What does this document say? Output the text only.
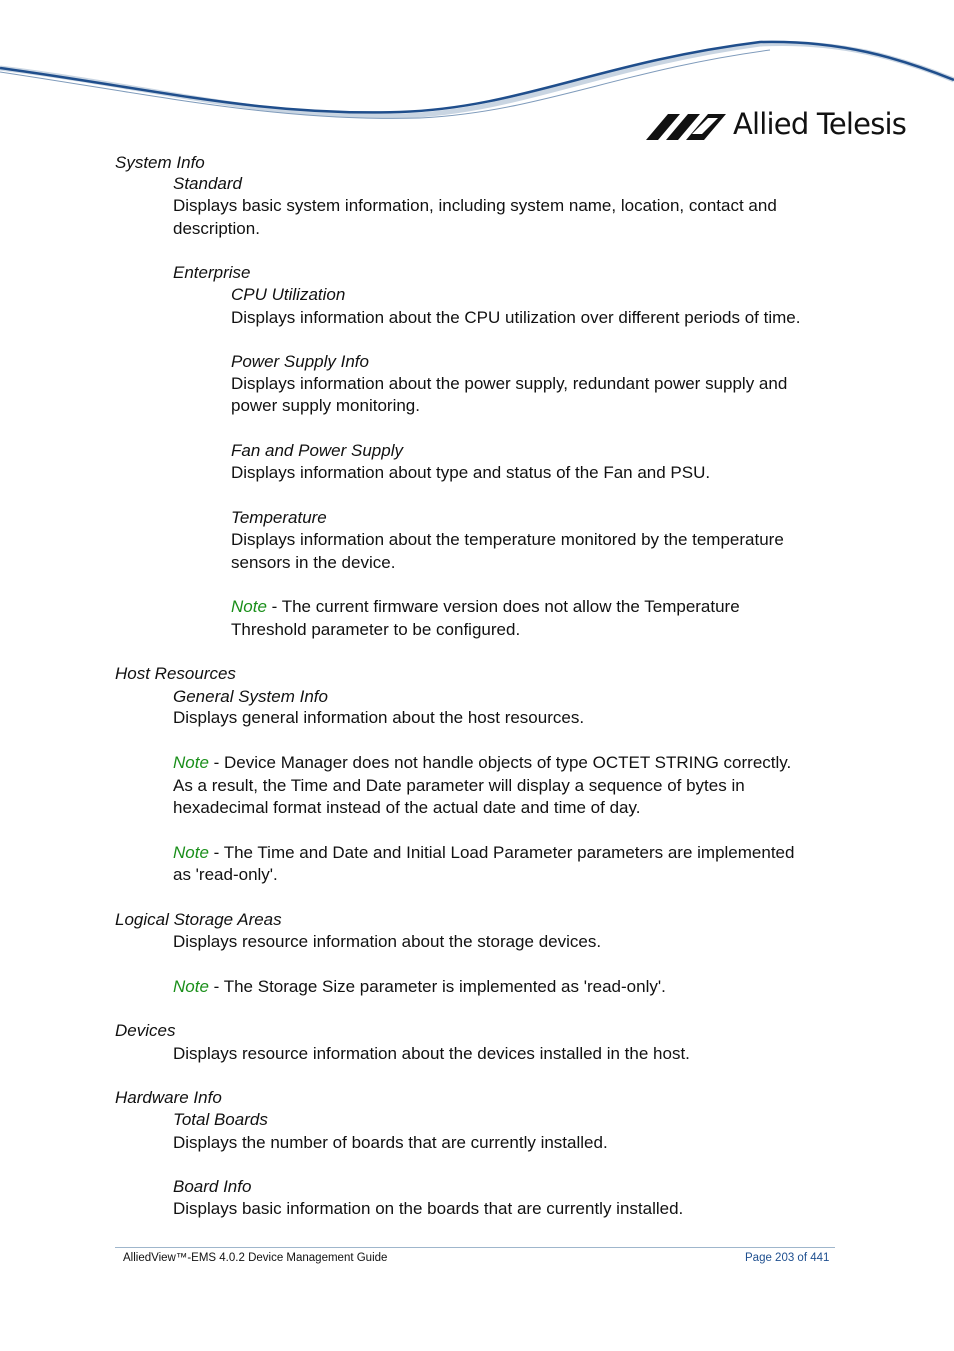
Allied Telesis
System Info
Standard
Displays basic system information, including system name, location, contact and
description.
Enterprise
CPU Utilization
Displays information about the CPU utilization over different periods of time.
Power Supply Info
Displays information about the power supply, redundant power supply and
power supply monitoring.
Fan and Power Supply
Displays information about type and status of the Fan and PSU.
Temperature
Displays information about the temperature monitored by the temperature
sensors in the device.
Note - The current firmware version does not allow the Temperature
Threshold parameter to be configured.
Host Resources
General System Info
Displays general information about the host resources.
Note - Device Manager does not handle objects of type OCTET STRING correctly.
As a result, the Time and Date parameter will display a sequence of bytes in
hexadecimal format instead of the actual date and time of day.
Note - The Time and Date and Initial Load Parameter parameters are implemented
as 'read-only'.
Logical Storage Areas
Displays resource information about the storage devices.
Note - The Storage Size parameter is implemented as 'read-only'.
Devices
Displays resource information about the devices installed in the host.
Hardware Info
Total Boards
Displays the number of boards that are currently installed.
Board Info
Displays basic information on the boards that are currently installed.
AlliedView™-EMS 4.0.2 Device Management Guide	Page 203 of 441
